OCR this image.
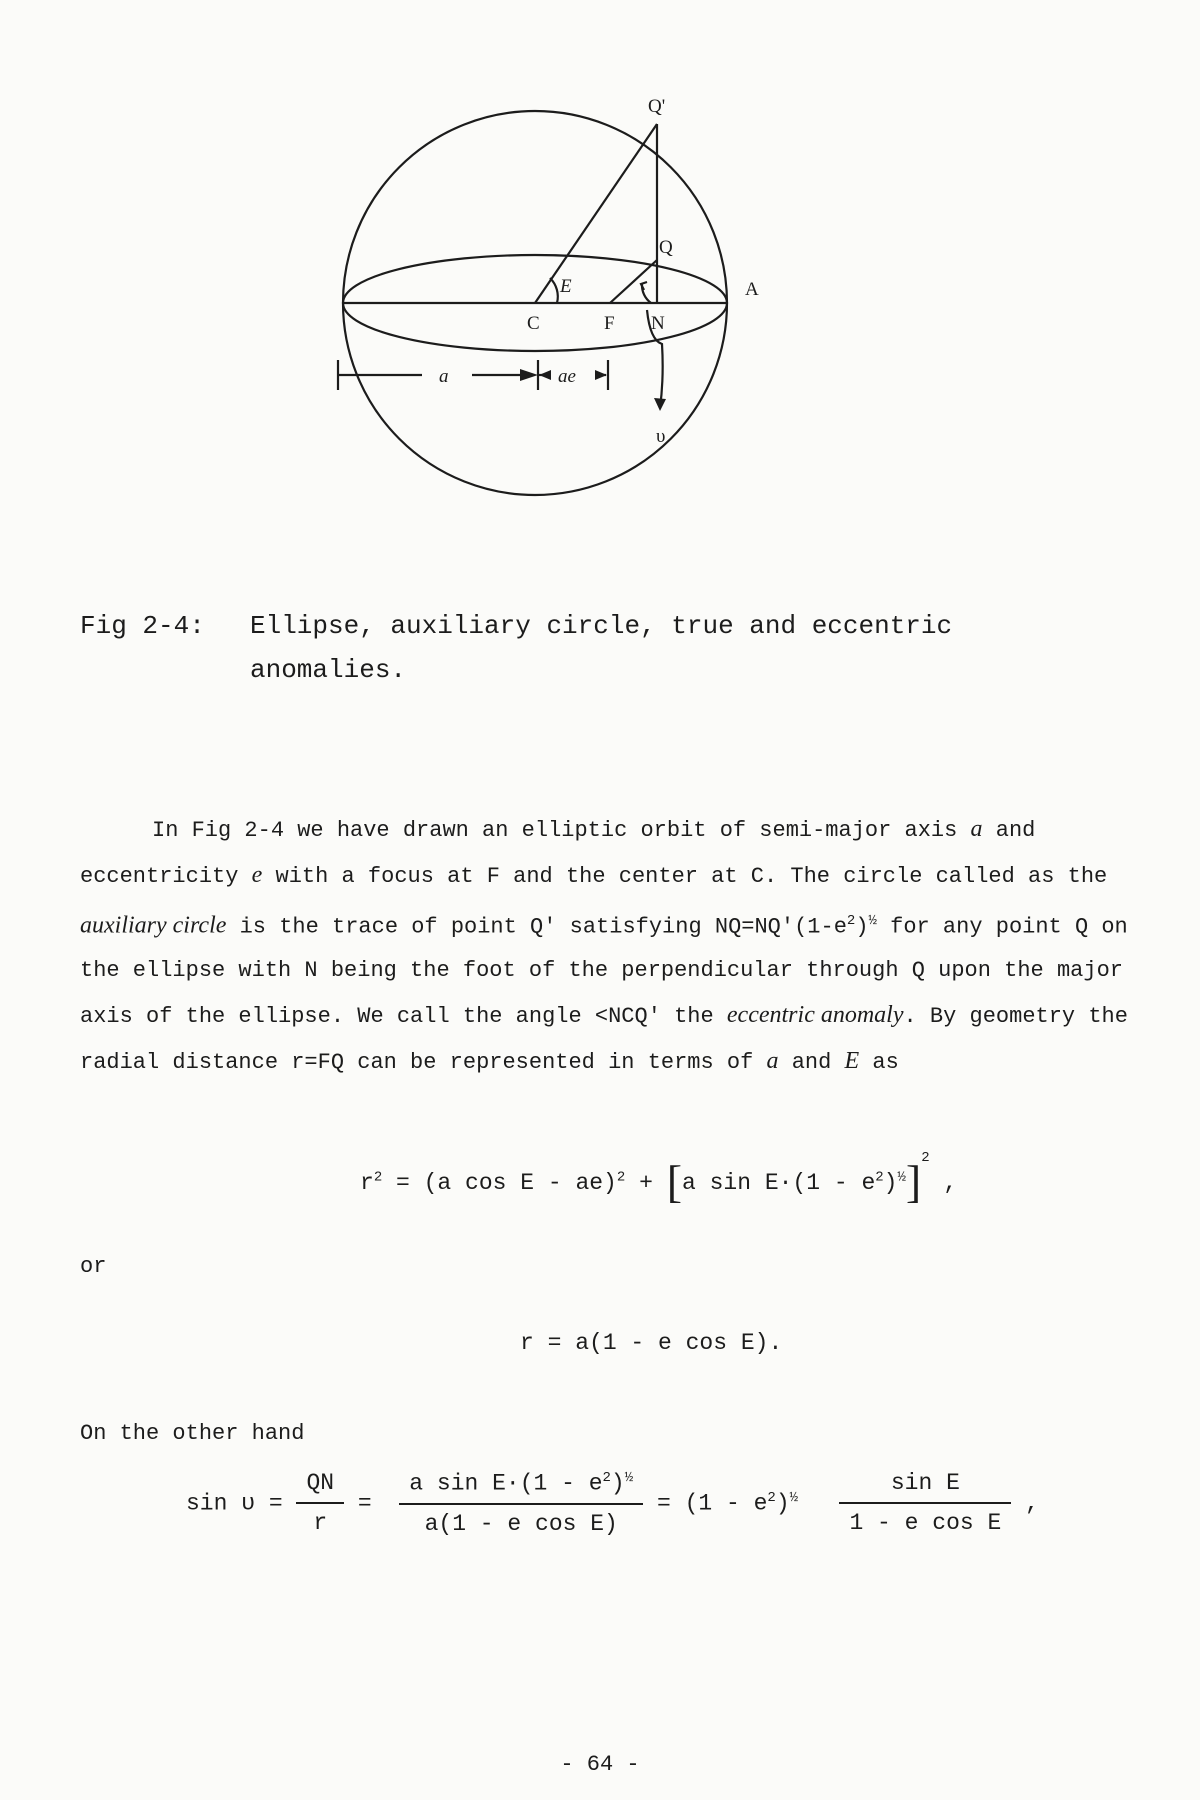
Q'
Q
A
C	F N
E
a	ae
υ
Fig 2-4: Ellipse, auxiliary circle, true and eccentric
anomalies.

In Fig 2-4 we have drawn an elliptic orbit of semi-major axis a and eccentricity e with a focus at F and the center at C. The circle called as the auxiliary circle is the trace of point Q' satisfying $NQ=NQ'(1-e^2)^{\frac{1}{2}}$ for any point Q on the ellipse with N being the foot of the perpendicular through Q upon the major axis of the ellipse. We call the angle <NCQ' the eccentric anomaly. By geometry the radial distance r=FQ can be represented in terms of a and E as

$r^2 = (a$ cos E - ae)$^2$ + [a $\sin E\cdot(1 - e^2)^{\frac{1}{2}}]^2$ ,
or
r = a(1 - e cos E).
On the other hand
$\sin \upsilon = \frac{QN}{r} = \frac{a \sin E\cdot(1 - e^2)^{\frac{1}{2}}}{\text{a(1 - e cos E)}} = (1 - e^2)^{\frac{1}{2}} \frac{\text{sin E}}{\text{1 - e cos E}}$ ,
- 64 -
